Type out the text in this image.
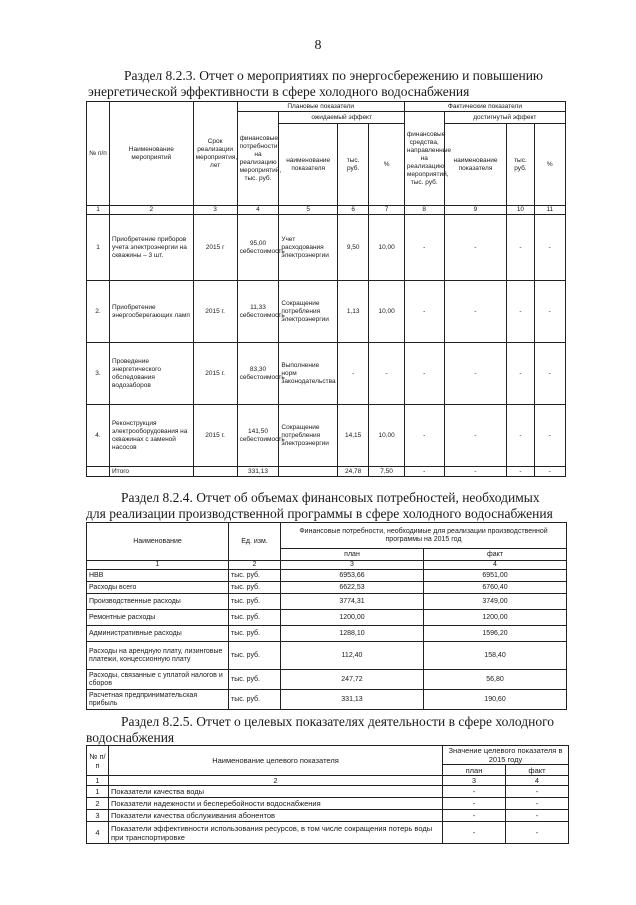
8
Раздел 8.2.3. Отчет о мероприятиях по энергосбережению и повышению
энергетической эффективности в сфере холодного водоснабжения
№ п/п	Наименование мероприятий	Срок реализации мероприятия, лет	Плановые показатели				Фактические показатели			
			финансовые потребности на реализацию мероприятий, тыс. руб.	ожидаемый эффект			финансовые средства, направленные на реализацию мероприятий, тыс. руб.	достигнутый эффект		
				наименование показателя	тыс. руб.	%		наименование показателя	тыс. руб.	%
1	2	3	4	5	6	7	8	9	10	11
1	Приобретение приборов учета электроэнергии на скважины – 3 шт.	2015 г	95,00 себестоимость	Учет расходования электроэнергии	9,50	10,00	-	-	-	-
2.	Приобретение энергосберегающих ламп	2015 г.	11,33 себестоимость	Сокращение потребления электроэнергии	1,13	10,00	-	-	-	-
3.	Проведение энергетического обследования водозаборов	2015 г.	83,30 себестоимость	Выполнение норм законодательства	-	-	-	-	-	-
4.	Реконструкция электрооборудования на скважинах с заменой насосов	2015 г.	141,50 себестоимость	Сокращение потребления электроэнергии	14,15	10,00	-	-	-	-
	Итого		331,13		24,78	7,50	-	-	-	-
Раздел 8.2.4. Отчет об объемах финансовых потребностей, необходимых
для реализации производственной программы в сфере холодного водоснабжения
Наименование	Ед. изм.	Финансовые потребности, необходимые для реализации производственной программы на 2015 год	
		план	факт
1	2	3	4
НВВ	тыс. руб.	6953,66	6951,00
Расходы всего	тыс. руб.	6622,53	6760,40
Производственные расходы	тыс. руб.	3774,31	3749,00
Ремонтные расходы	тыс. руб.	1200,00	1200,00
Административные расходы	тыс. руб.	1288,10	1596,20
Расходы на арендную плату, лизинговые платежи, концессионную плату	тыс. руб.	112,40	158,40
Расходы, связанные с уплатой налогов и сборов	тыс. руб.	247,72	56,80
Расчетная предпринимательская прибыль	тыс. руб.	331,13	190,60
Раздел 8.2.5. Отчет о целевых показателях деятельности в сфере холодного
водоснабжения
№ п/п	Наименование целевого показателя	Значение целевого показателя в 2015 году	
		план	факт
1	2	3	4
1	Показатели качества воды	-	-
2	Показатели надежности и бесперебойности водоснабжения	-	-
3	Показатели качества обслуживания абонентов	-	-
4	Показатели эффективности использования ресурсов, в том числе сокращения потерь воды при транспортировке	-	-
